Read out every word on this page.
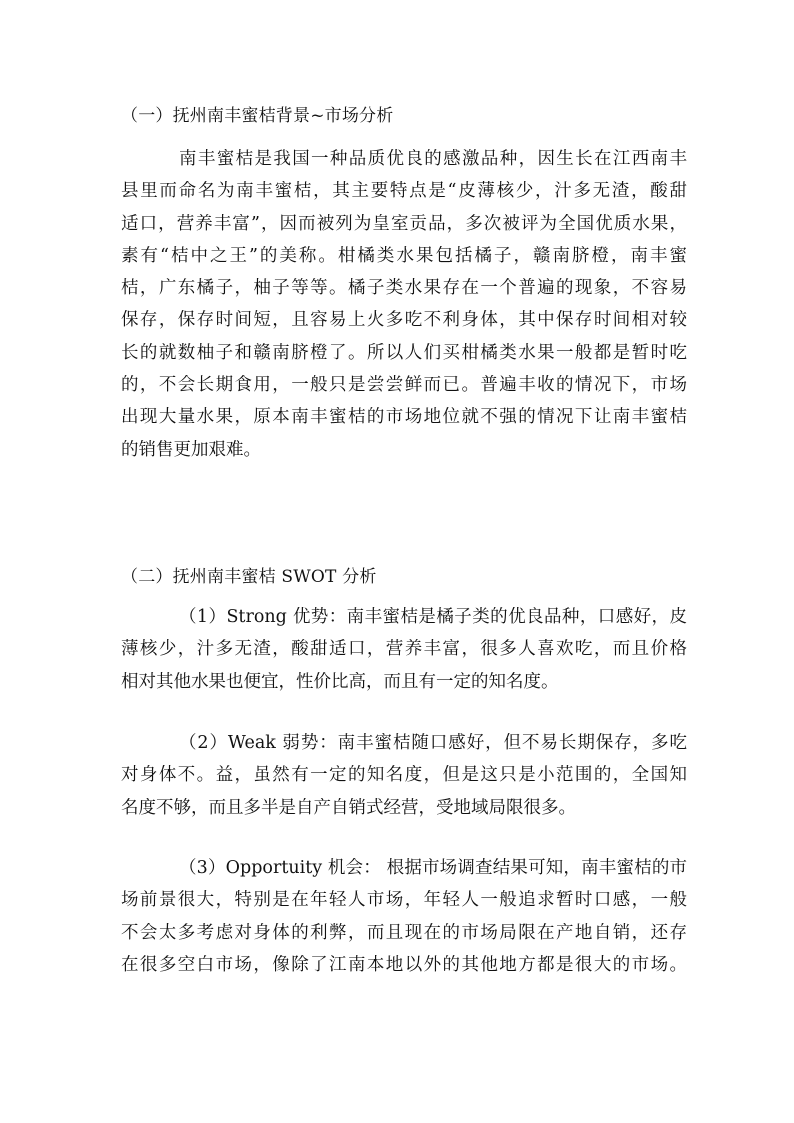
（一）抚州南丰蜜桔背景~市场分析
南丰蜜桔是我国一种品质优良的感激品种，因生长在江西南丰
县里而命名为南丰蜜桔，其主要特点是“皮薄核少，汁多无渣，酸甜
适口，营养丰富”，因而被列为皇室贡品，多次被评为全国优质水果，
素有“桔中之王”的美称。柑橘类水果包括橘子，赣南脐橙，南丰蜜
桔，广东橘子，柚子等等。橘子类水果存在一个普遍的现象，不容易
保存，保存时间短，且容易上火多吃不利身体，其中保存时间相对较
长的就数柚子和赣南脐橙了。所以人们买柑橘类水果一般都是暂时吃
的，不会长期食用，一般只是尝尝鲜而已。普遍丰收的情况下，市场
出现大量水果，原本南丰蜜桔的市场地位就不强的情况下让南丰蜜桔
的销售更加艰难。
（二）抚州南丰蜜桔 SWOT 分析
（1）Strong 优势：南丰蜜桔是橘子类的优良品种，口感好，皮
薄核少，汁多无渣，酸甜适口，营养丰富，很多人喜欢吃，而且价格
相对其他水果也便宜，性价比高，而且有一定的知名度。
（2）Weak 弱势：南丰蜜桔随口感好，但不易长期保存，多吃
对身体不。益，虽然有一定的知名度，但是这只是小范围的，全国知
名度不够，而且多半是自产自销式经营，受地域局限很多。
（3）Opportuity 机会： 根据市场调查结果可知，南丰蜜桔的市
场前景很大，特别是在年轻人市场，年轻人一般追求暂时口感，一般
不会太多考虑对身体的利弊，而且现在的市场局限在产地自销，还存
在很多空白市场，像除了江南本地以外的其他地方都是很大的市场。
